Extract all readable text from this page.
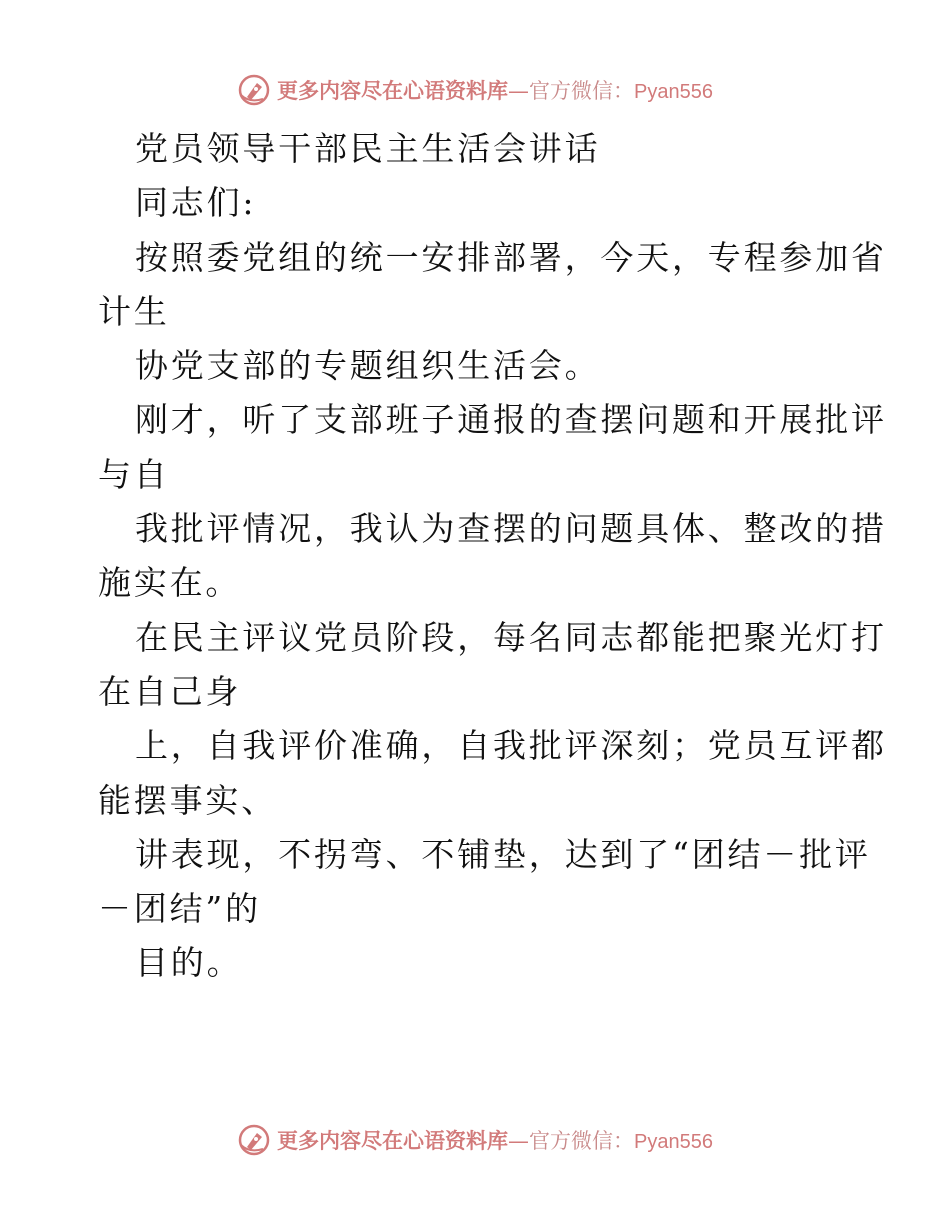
更多内容尽在心语资料库 — 官方微信： Pyan556
党员领导干部民主生活会讲话
同志们:
按照委党组的统一安排部署，今天，专程参加省
计生
协党支部的专题组织生活会。
刚才，听了支部班子通报的查摆问题和开展批评
与自
我批评情况，我认为查摆的问题具体、整改的措
施实在。
在民主评议党员阶段，每名同志都能把聚光灯打
在自己身
上，自我评价准确，自我批评深刻；党员互评都
能摆事实、
讲表现，不拐弯、不铺垫，达到了“团结－批评
－团结”的
目的。
更多内容尽在心语资料库 — 官方微信： Pyan556
